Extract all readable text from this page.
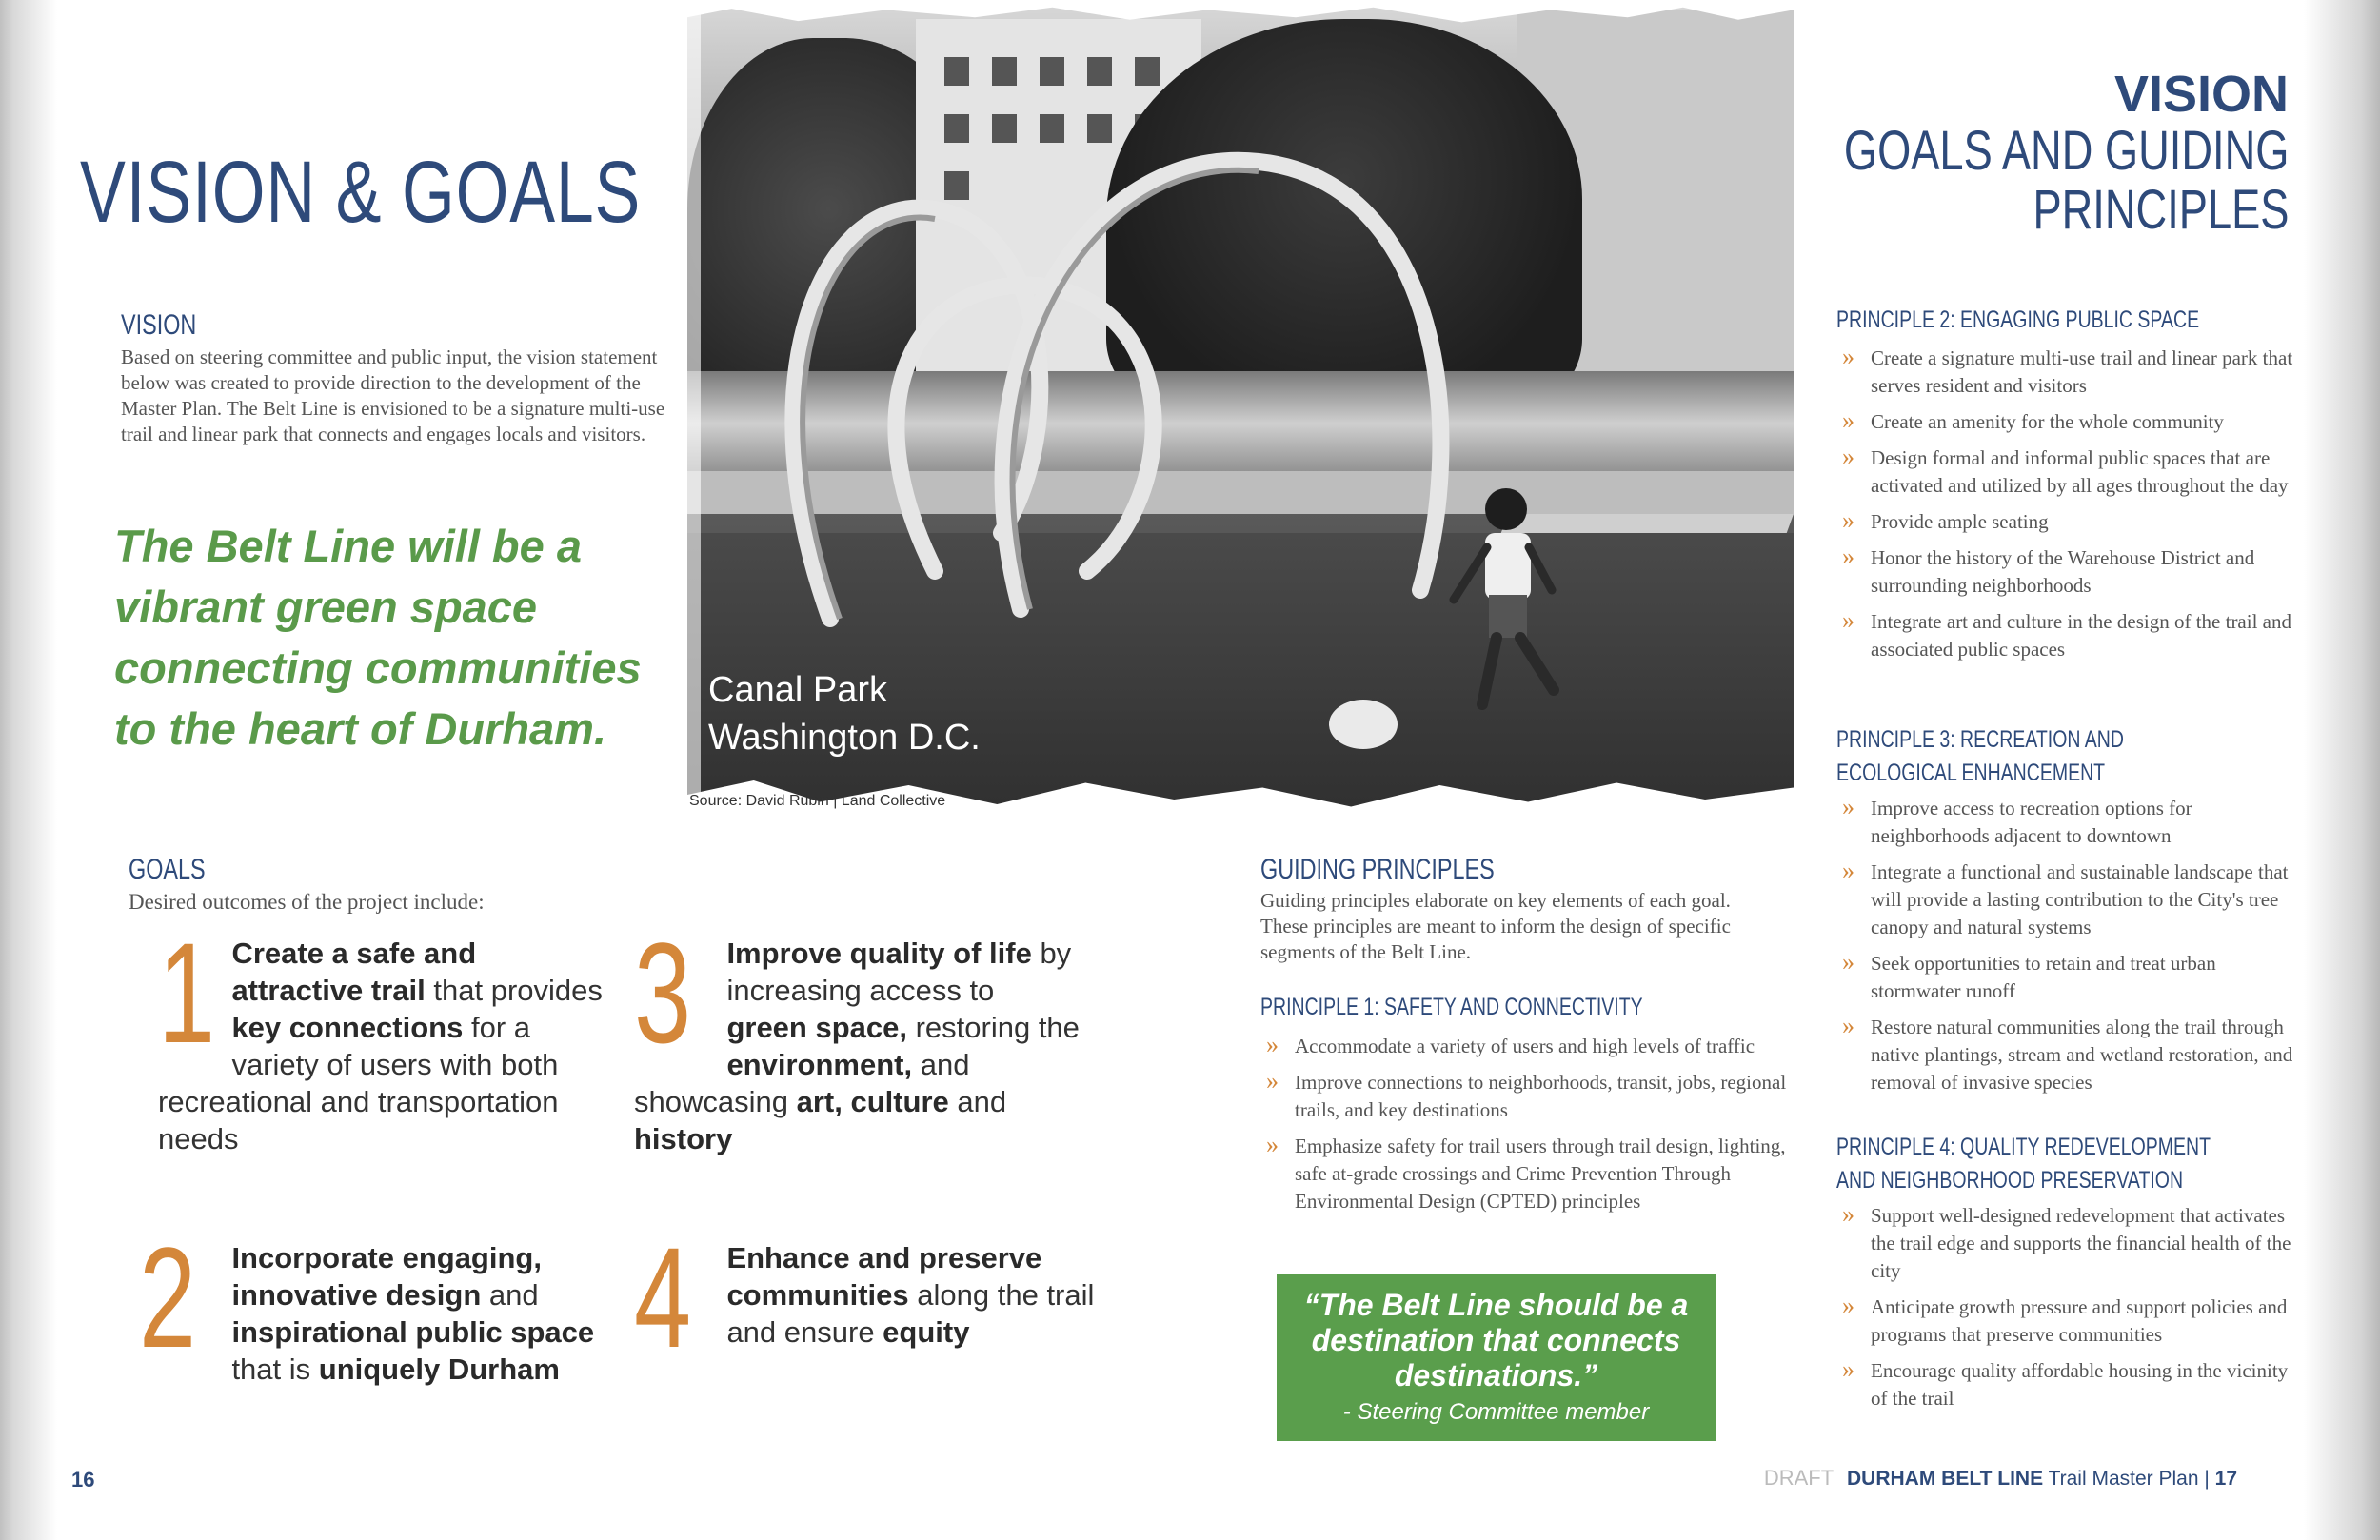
VISION & GOALS
VISION
Based on steering committee and public input, the vision statement below was created to provide direction to the development of the Master Plan. The Belt Line is envisioned to be a signature multi-use trail and linear park that connects and engages locals and visitors.
The Belt Line will be a vibrant green space connecting communities to the heart of Durham.
Canal Park
Washington D.C.
Source: David Rubin | Land Collective
GOALS
Desired outcomes of the project include:
1 Create a safe and attractive trail that provides key connections for a variety of users with both recreational and transportation needs
2 Incorporate engaging, innovative design and inspirational public space that is uniquely Durham
3 Improve quality of life by increasing access to green space, restoring the environment, and showcasing art, culture and history
4 Enhance and preserve communities along the trail and ensure equity
16
VISION
GOALS AND GUIDING
PRINCIPLES
GUIDING PRINCIPLES
Guiding principles elaborate on key elements of each goal. These principles are meant to inform the design of specific segments of the Belt Line.
PRINCIPLE 1: SAFETY AND CONNECTIVITY
» Accommodate a variety of users and high levels of traffic
» Improve connections to neighborhoods, transit, jobs, regional trails, and key destinations
» Emphasize safety for trail users through trail design, lighting, safe at-grade crossings and Crime Prevention Through Environmental Design (CPTED) principles
“The Belt Line should be a destination that connects destinations.”
- Steering Committee member
PRINCIPLE 2: ENGAGING PUBLIC SPACE
» Create a signature multi-use trail and linear park that serves resident and visitors
» Create an amenity for the whole community
» Design formal and informal public spaces that are activated and utilized by all ages throughout the day
» Provide ample seating
» Honor the history of the Warehouse District and surrounding neighborhoods
» Integrate art and culture in the design of the trail and associated public spaces
PRINCIPLE 3: RECREATION AND ECOLOGICAL ENHANCEMENT
» Improve access to recreation options for neighborhoods adjacent to downtown
» Integrate a functional and sustainable landscape that will provide a lasting contribution to the City's tree canopy and natural systems
» Seek opportunities to retain and treat urban stormwater runoff
» Restore natural communities along the trail through native plantings, stream and wetland restoration, and removal of invasive species
PRINCIPLE 4: QUALITY REDEVELOPMENT AND NEIGHBORHOOD PRESERVATION
» Support well-designed redevelopment that activates the trail edge and supports the financial health of the city
» Anticipate growth pressure and support policies and programs that preserve communities
» Encourage quality affordable housing in the vicinity of the trail
DRAFT DURHAM BELT LINE Trail Master Plan | 17
